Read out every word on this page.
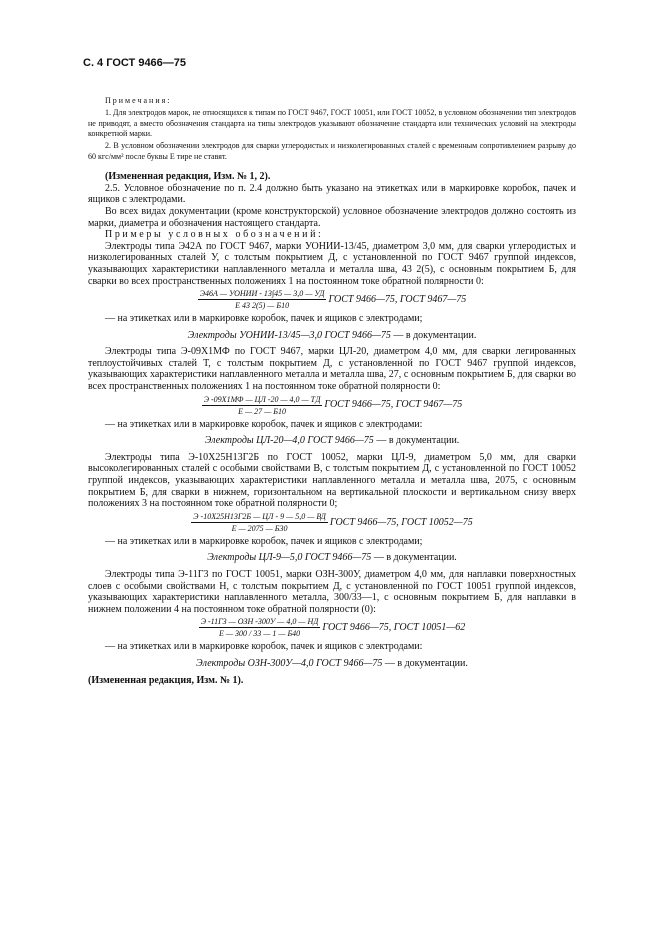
С. 4 ГОСТ 9466—75
Примечания:

1. Для электродов марок, не относящихся к типам по ГОСТ 9467, ГОСТ 10051, или ГОСТ 10052, в условном обозначении тип электродов не приводят, а вместо обозначения стандарта на типы электродов указывают обозначение стандарта или технических условий на электроды конкретной марки.

2. В условном обозначении электродов для сварки углеродистых и низколегированных сталей с временным сопротивлением разрыву до 60 кгс/мм² после буквы Е тире не ставят.

(Измененная редакция, Изм. № 1, 2).

2.5. Условное обозначение по п. 2.4 должно быть указано на этикетках или в маркировке коробок, пачек и ящиков с электродами.

Во всех видах документации (кроме конструкторской) условное обозначение электродов должно состоять из марки, диаметра и обозначения настоящего стандарта.

Примеры условных обозначений:

Электроды типа Э42А по ГОСТ 9467, марки УОНИИ-13/45, диаметром 3,0 мм, для сварки углеродистых и низколегированных сталей У, с толстым покрытием Д, с установленной по ГОСТ 9467 группой индексов, указывающих характеристики наплавленного металла и металла шва, 43 2(5), с основным покрытием Б, для сварки во всех пространственных положениях 1 на постоянном токе обратной полярности 0:

$\frac{\text{Э46А — УОНИИ - 13∫45 — 3,0 — УД}}{Е 43 2(5) — Б10}$ ГОСТ 9466—75, ГОСТ 9467—75

— на этикетках или в маркировке коробок, пачек и ящиков с электродами;

Электроды УОНИИ-13/45—3,0 ГОСТ 9466—75 — в документации.

Электроды типа Э-09Х1МФ по ГОСТ 9467, марки ЦЛ-20, диаметром 4,0 мм, для сварки легированных теплоустойчивых сталей Т, с толстым покрытием Д, с установленной по ГОСТ 9467 группой индексов, указывающих характеристики наплавленного металла и металла шва, 27, с основным покрытием Б, для сварки во всех пространственных положениях 1 на постоянном токе обратной полярности 0:

$\frac{Э -09Х1МФ — ЦЛ -20 — 4,0 — ТД}{Е — 27 — Б10}$ ГОСТ 9466—75, ГОСТ 9467—75

— на этикетках или в маркировке коробок, пачек и ящиков с электродами:

Электроды ЦЛ-20—4,0 ГОСТ 9466—75 — в документации.

Электроды типа Э-10Х25Н13Г2Б по ГОСТ 10052, марки ЦЛ-9, диаметром 5,0 мм, для сварки высоколегированных сталей с особыми свойствами В, с толстым покрытием Д, с установленной по ГОСТ 10052 группой индексов, указывающих характеристики наплавленного металла и металла шва, 2075, с основным покрытием Б, для сварки в нижнем, горизонтальном на вертикальной плоскости и вертикальном снизу вверх положениях 3 на постоянном токе обратной полярности 0;

$\frac{Э -10Х25Н13Г2Б — ЦЛ - 9 — 5,0 — ВД}{Е — 2075 — Б30}$ ГОСТ 9466—75, ГОСТ 10052—75

— на этикетках или в маркировке коробок, пачек и ящиков с электродами;

Электроды ЦЛ-9—5,0 ГОСТ 9466—75 — в документации.

Электроды типа Э-11Г3 по ГОСТ 10051, марки ОЗН-300У, диаметром 4,0 мм, для наплавки поверхностных слоев с особыми свойствами Н, с толстым покрытием Д, с установленной по ГОСТ 10051 группой индексов, указывающих характеристики наплавленного металла, 300/33—1, с основным покрытием Б, для наплавки в нижнем положении 4 на постоянном токе обратной полярности (0):

$\frac{\text{Э -11Г3 — ОЗН -300У — 4,0 — НД}}{Е — 300 / 33 — 1 — Б40}$ ГОСТ 9466—75, ГОСТ 10051—62

— на этикетках или в маркировке коробок, пачек и ящиков с электродами:

Электроды ОЗН-300У—4,0 ГОСТ 9466—75 — в документации.

(Измененная редакция, Изм. № 1).
